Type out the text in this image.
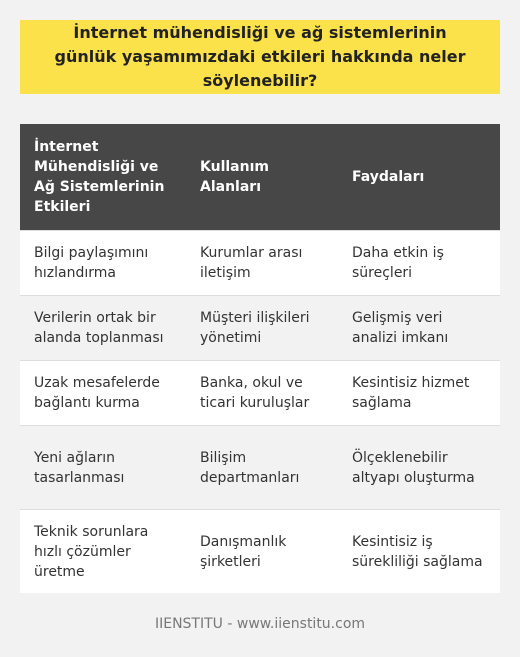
İnternet mühendisliği ve ağ sistemlerinin günlük yaşamımızdaki etkileri hakkında neler söylenebilir?
İnternet Mühendisliği ve Ağ Sistemlerinin Etkileri	Kullanım Alanları	Faydaları
Bilgi paylaşımını hızlandırma	Kurumlar arası iletişim	Daha etkin iş süreçleri
Verilerin ortak bir alanda toplanması	Müşteri ilişkileri yönetimi	Gelişmiş veri analizi imkanı
Uzak mesafelerde bağlantı kurma	Banka, okul ve ticari kuruluşlar	Kesintisiz hizmet sağlama
Yeni ağların tasarlanması	Bilişim departmanları	Ölçeklenebilir altyapı oluşturma
Teknik sorunlara hızlı çözümler üretme	Danışmanlık şirketleri	Kesintisiz iş sürekliliği sağlama
IIENSTITU - www.iienstitu.com
